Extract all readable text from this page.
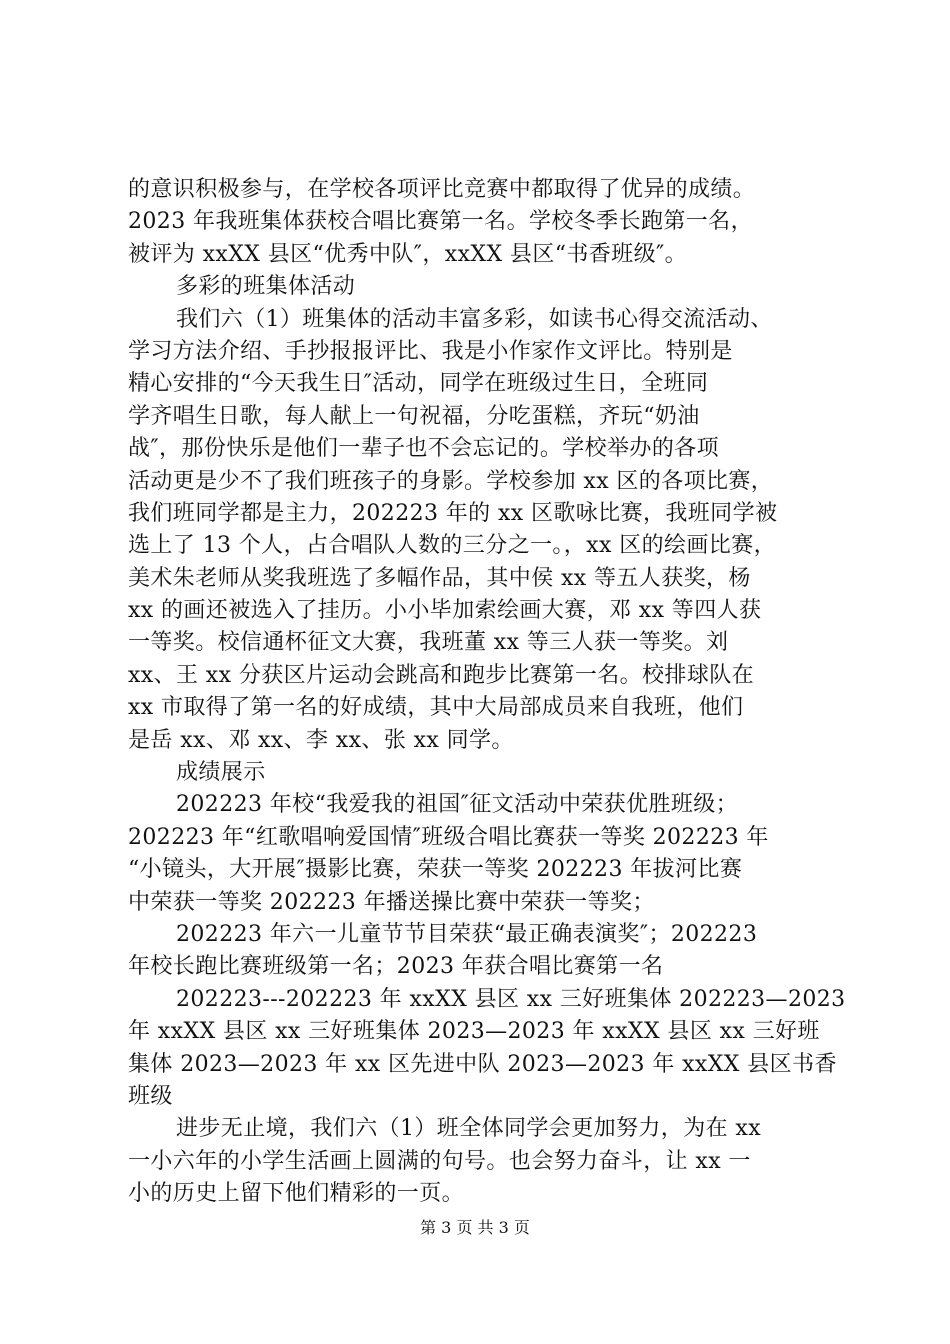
的意识积极参与，在学校各项评比竞赛中都取得了优异的成绩。
2023 年我班集体获校合唱比赛第一名。学校冬季长跑第一名，
被评为 xxXX 县区“优秀中队″，xxXX 县区“书香班级″。
多彩的班集体活动
我们六（1）班集体的活动丰富多彩，如读书心得交流活动、
学习方法介绍、手抄报报评比、我是小作家作文评比。特别是
精心安排的“今天我生日″活动，同学在班级过生日，全班同
学齐唱生日歌，每人献上一句祝福，分吃蛋糕，齐玩“奶油
战″，那份快乐是他们一辈子也不会忘记的。学校举办的各项
活动更是少不了我们班孩子的身影。学校参加 xx 区的各项比赛，
我们班同学都是主力，202223 年的 xx 区歌咏比赛，我班同学被
选上了 13 个人，占合唱队人数的三分之一。，xx 区的绘画比赛，
美术朱老师从奖我班选了多幅作品，其中侯 xx 等五人获奖，杨
xx 的画还被选入了挂历。小小毕加索绘画大赛，邓 xx 等四人获
一等奖。校信通杯征文大赛，我班董 xx 等三人获一等奖。刘
xx、王 xx 分获区片运动会跳高和跑步比赛第一名。校排球队在
xx 市取得了第一名的好成绩，其中大局部成员来自我班，他们
是岳 xx、邓 xx、李 xx、张 xx 同学。
成绩展示
202223 年校“我爱我的祖国″征文活动中荣获优胜班级；
202223 年“红歌唱响爱国情″班级合唱比赛获一等奖 202223 年
“小镜头，大开展″摄影比赛，荣获一等奖 202223 年拔河比赛
中荣获一等奖 202223 年播送操比赛中荣获一等奖；
202223 年六一儿童节节目荣获“最正确表演奖″；202223
年校长跑比赛班级第一名；2023 年获合唱比赛第一名
202223---202223 年 xxXX 县区 xx 三好班集体 202223—2023
年 xxXX 县区 xx 三好班集体 2023—2023 年 xxXX 县区 xx 三好班
集体 2023—2023 年 xx 区先进中队 2023—2023 年 xxXX 县区书香
班级
进步无止境，我们六（1）班全体同学会更加努力，为在 xx
一小六年的小学生活画上圆满的句号。也会努力奋斗，让 xx 一
小的历史上留下他们精彩的一页。
第 3 页 共 3 页
